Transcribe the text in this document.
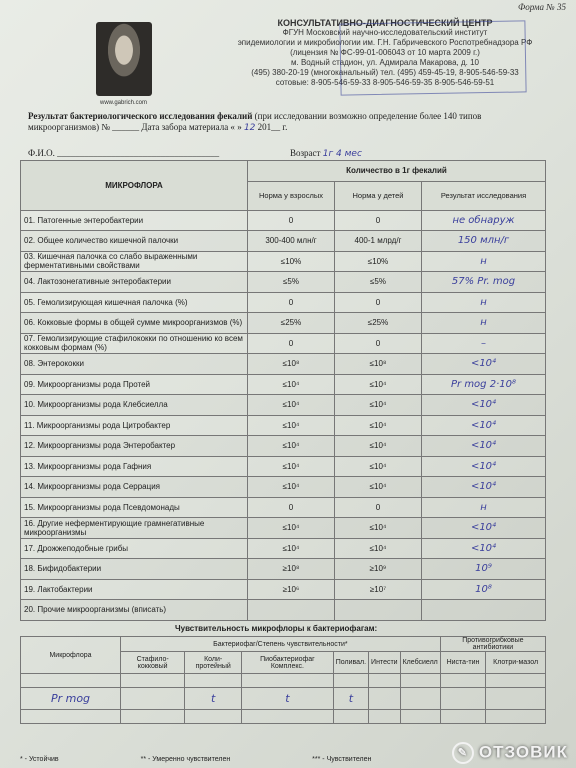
Форма № 35
www.gabrich.com
КОНСУЛЬТАТИВНО-ДИАГНОСТИЧЕСКИЙ ЦЕНТР
ФГУН Московский научно-исследовательский институт
эпидемиологии и микробиологии им. Г.Н. Габричевского Роспотребнадзора РФ
(лицензия № ФС-99-01-006043 от 10 марта 2009 г.)
м. Водный стадион, ул. Адмирала Макарова, д. 10
(495) 380-20-19 (многоканальный) тел. (495) 459-45-19, 8-905-546-59-33
сотовые: 8-905-546-59-33 8-905-546-59-35 8-905-546-59-51
Результат бактериологического исследования фекалий (при исследовании возможно определение более 140 типов микроорганизмов) № ______ Дата забора материала « » 12 201__ г.
Ф.И.О. ____________________________________	Возраст 1г 4 мес
МИКРОФЛОРА	Количество в 1г фекалий		
	Норма у взрослых	Норма у детей	Результат исследования
01. Патогенные энтеробактерии	0	0	не обнаруж
02. Общее количество кишечной палочки	300-400 млн/г	400-1 млрд/г	150 млн/г
03. Кишечная палочка со слабо выраженными ферментативными свойствами	≤10%	≤10%	н
04. Лактозонегативные энтеробактерии	≤5%	≤5%	57% Pr. mog
05. Гемолизирующая кишечная палочка (%)	0	0	н
06. Кокковые формы в общей сумме микроорганизмов (%)	≤25%	≤25%	н
07. Гемолизирующие стафилококки по отношению ко всем кокковым формам (%)	0	0	–
08. Энтерококки	≤10⁸	≤10⁸	<10⁴
09. Микроорганизмы рода Протей	≤10⁴	≤10⁴	Pr mog 2·10⁸
10. Микроорганизмы рода Клебсиелла	≤10⁴	≤10⁴	<10⁴
11. Микроорганизмы рода Цитробактер	≤10⁴	≤10⁴	<10⁴
12. Микроорганизмы рода Энтеробактер	≤10⁴	≤10⁴	<10⁴
13. Микроорганизмы рода Гафния	≤10⁴	≤10⁴	<10⁴
14. Микроорганизмы рода Серрация	≤10⁴	≤10⁴	<10⁴
15. Микроорганизмы рода Псевдомонады	0	0	н
16. Другие неферментирующие грамнегативные микроорганизмы	≤10⁴	≤10⁴	<10⁴
17. Дрожжеподобные грибы	≤10⁴	≤10⁴	<10⁴
18. Бифидобактерии	≥10⁸	≥10⁹	10⁹
19. Лактобактерии	≥10⁶	≥10⁷	10⁸
20. Прочие микроорганизмы (вписать)			
Чувствительность микрофлоры к бактериофагам:
Микрофлора	Бактериофаг/Степень чувствительности*						Противогрибковые антибиотики	
	Стафило-кокковый	Коли-протейный	Пиобактериофаг Комплекс.	Поливал.	Интести	Клебсиелл	Ниста-тин	Клотри-мазол

Pr mog		t	t	t				

* - Устойчив	** - Умеренно чувствителен	*** - Чувствителен
✎ ОТЗОВИК
